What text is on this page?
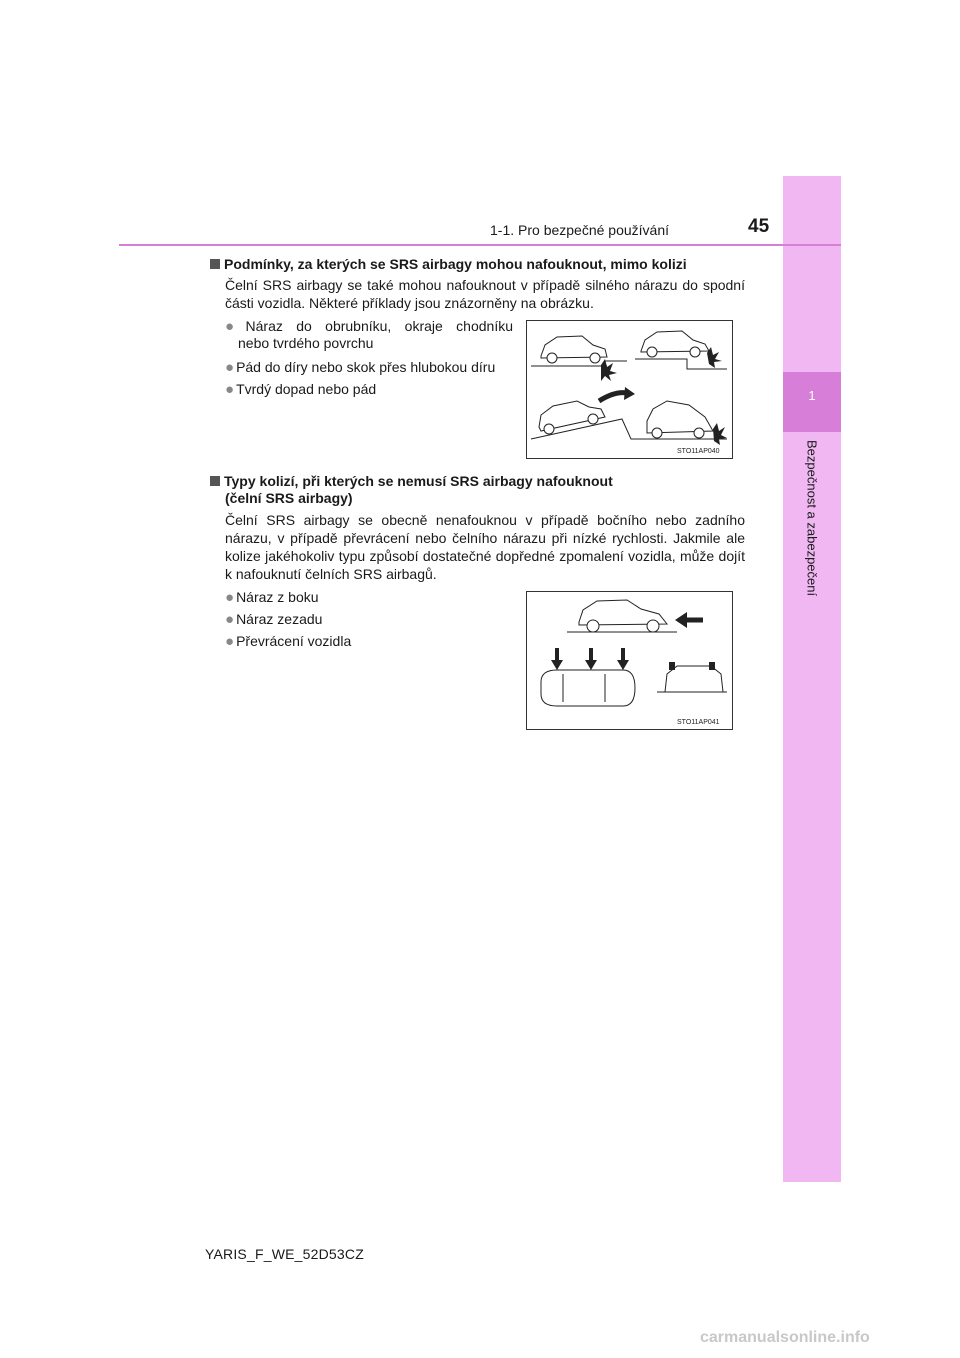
1
Bezpečnost a zabezpečení
1-1. Pro bezpečné používání	45
Podmínky, za kterých se SRS airbagy mohou nafouknout, mimo kolizi
Čelní SRS airbagy se také mohou nafouknout v případě silného nárazu do spodní části vozidla. Některé příklady jsou znázorněny na obrázku.
● Náraz do obrubníku, okraje chodníku
nebo tvrdého povrchu
● Pád do díry nebo skok přes hlubokou díru
● Tvrdý dopad nebo pád
STO11AP040
Typy kolizí, při kterých se nemusí SRS airbagy nafouknout
(čelní SRS airbagy)
Čelní SRS airbagy se obecně nenafouknou v případě bočního nebo zadního nárazu, v případě převrácení nebo čelního nárazu při nízké rychlosti. Jakmile ale kolize jakéhokoliv typu způsobí dostatečné dopředné zpomalení vozidla, může dojít k nafouknutí čelních SRS airbagů.
● Náraz z boku
● Náraz zezadu
● Převrácení vozidla
STO11AP041
YARIS_F_WE_52D53CZ
carmanualsonline.info
